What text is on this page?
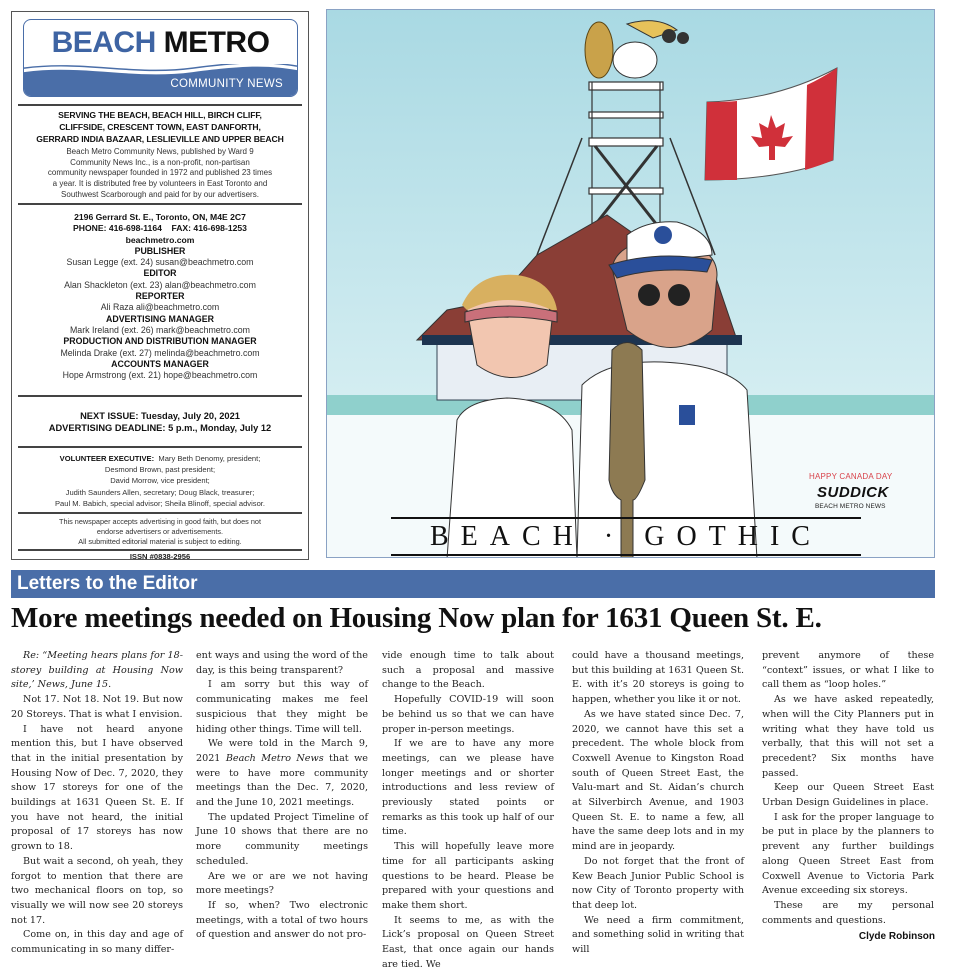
BEACH METRO
COMMUNITY NEWS
SERVING THE BEACH, BEACH HILL, BIRCH CLIFF,
CLIFFSIDE, CRESCENT TOWN, EAST DANFORTH,
GERRARD INDIA BAZAAR, LESLIEVILLE AND UPPER BEACH
Beach Metro Community News, published by Ward 9
Community News Inc., is a non-profit, non-partisan
community newspaper founded in 1972 and published 23 times
a year. It is distributed free by volunteers in East Toronto and
Southwest Scarborough and paid for by our advertisers.
2196 Gerrard St. E., Toronto, ON, M4E 2C7
PHONE: 416-698-1164    FAX: 416-698-1253
beachmetro.com
PUBLISHER
Susan Legge (ext. 24) susan@beachmetro.com
EDITOR
Alan Shackleton (ext. 23) alan@beachmetro.com
REPORTER
Ali Raza ali@beachmetro.com
ADVERTISING MANAGER
Mark Ireland (ext. 26) mark@beachmetro.com
PRODUCTION AND DISTRIBUTION MANAGER
Melinda Drake (ext. 27) melinda@beachmetro.com
ACCOUNTS MANAGER
Hope Armstrong (ext. 21) hope@beachmetro.com
NEXT ISSUE: Tuesday, July 20, 2021
ADVERTISING DEADLINE: 5 p.m., Monday, July 12
VOLUNTEER EXECUTIVE: Mary Beth Denomy, president;
Desmond Brown, past president;
David Morrow, vice president;
Judith Saunders Allen, secretary; Doug Black, treasurer;
Paul M. Babich, special advisor; Sheila Blinoff, special advisor.
This newspaper accepts advertising in good faith, but does not
endorse advertisers or advertisements.
All submitted editorial material is subject to editing.
ISSN #0838-2956
HAPPY CANADA DAY
SUDDICK
BEACH METRO NEWS
BEACH · GOTHIC
Letters to the Editor
More meetings needed on Housing Now plan for 1631 Queen St. E.

Re: “Meeting hears plans for 18-storey building at Housing Now site,’ News, June 15.

Not 17. Not 18. Not 19. But now 20 Storeys. That is what I envision.

I have not heard anyone mention this, but I have observed that in the initial presentation by Housing Now of Dec. 7, 2020, they show 17 storeys for one of the buildings at 1631 Queen St. E. If you have not heard, the initial proposal of 17 storeys has now grown to 18.

But wait a second, oh yeah, they forgot to mention that there are two mechanical floors on top, so visually we will now see 20 storeys not 17.

Come on, in this day and age of communicating in so many differ-

ent ways and using the word of the day, is this being transparent?

I am sorry but this way of communicating makes me feel suspicious that they might be hiding other things. Time will tell.

We were told in the March 9, 2021 Beach Metro News that we were to have more community meetings than the Dec. 7, 2020, and the June 10, 2021 meetings.

The updated Project Timeline of June 10 shows that there are no more community meetings scheduled.

Are we or are we not having more meetings?

If so, when? Two electronic meetings, with a total of two hours of question and answer do not pro-

vide enough time to talk about such a proposal and massive change to the Beach.

Hopefully COVID-19 will soon be behind us so that we can have proper in-person meetings.

If we are to have any more meetings, can we please have longer meetings and or shorter introductions and less review of previously stated points or remarks as this took up half of our time.

This will hopefully leave more time for all participants asking questions to be heard. Please be prepared with your questions and make them short.

It seems to me, as with the Lick’s proposal on Queen Street East, that once again our hands are tied. We

could have a thousand meetings, but this building at 1631 Queen St. E. with it’s 20 storeys is going to happen, whether you like it or not.

As we have stated since Dec. 7, 2020, we cannot have this set a precedent. The whole block from Coxwell Avenue to Kingston Road south of Queen Street East, the Valu-mart and St. Aidan’s church at Silverbirch Avenue, and 1903 Queen St. E. to name a few, all have the same deep lots and in my mind are in jeopardy.

Do not forget that the front of Kew Beach Junior Public School is now City of Toronto property with that deep lot.

We need a firm commitment, and something solid in writing that will

prevent anymore of these “context” issues, or what I like to call them as “loop holes.”

As we have asked repeatedly, when will the City Planners put in writing what they have told us verbally, that this will not set a precedent? Six months have passed.

Keep our Queen Street East Urban Design Guidelines in place.

I ask for the proper language to be put in place by the planners to prevent any further buildings along Queen Street East from Coxwell Avenue to Victoria Park Avenue exceeding six storeys.

These are my personal comments and questions.

Clyde Robinson
